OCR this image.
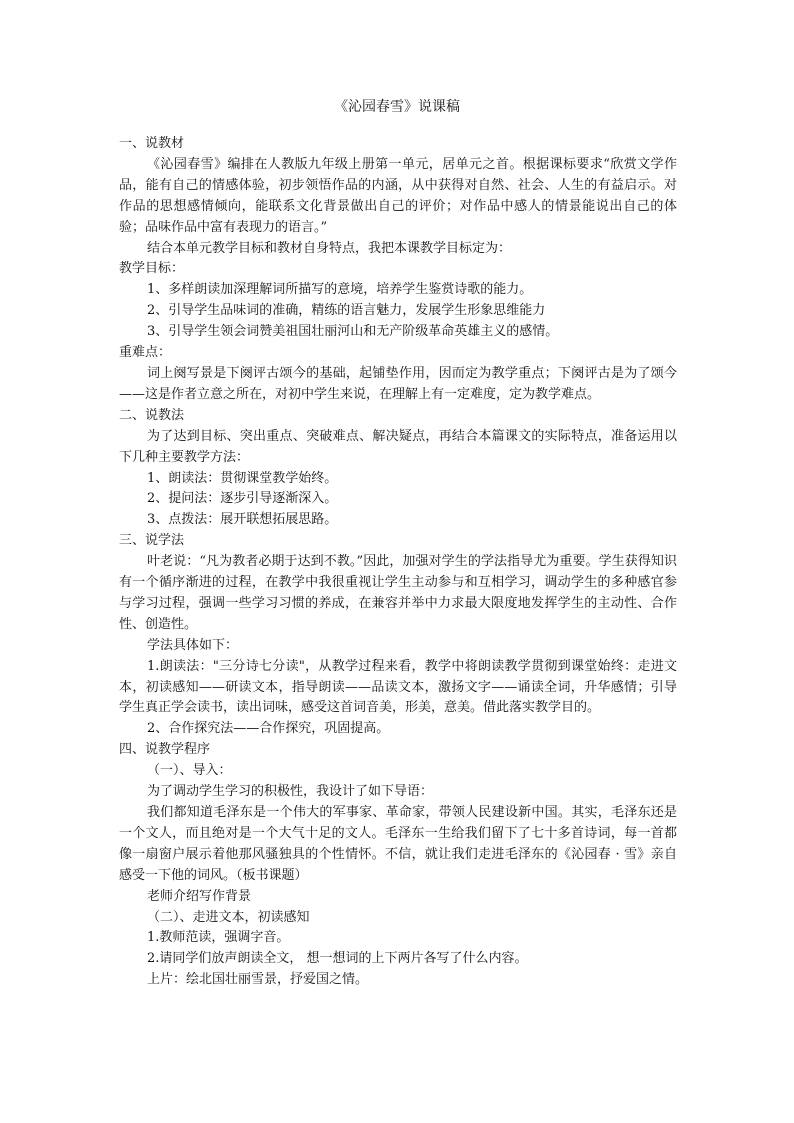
《沁园春雪》说课稿

一、说教材

《沁园春雪》编排在人教版九年级上册第一单元，居单元之首。根据课标要求“欣赏文学作品，能有自己的情感体验，初步领悟作品的内涵，从中获得对自然、社会、人生的有益启示。对作品的思想感情倾向，能联系文化背景做出自己的评价；对作品中感人的情景能说出自己的体验；品味作品中富有表现力的语言。”

结合本单元教学目标和教材自身特点，我把本课教学目标定为：

教学目标：

1、多样朗读加深理解词所描写的意境，培养学生鉴赏诗歌的能力。

2、引导学生品味词的准确，精练的语言魅力，发展学生形象思维能力

3、引导学生领会词赞美祖国壮丽河山和无产阶级革命英雄主义的感情。

重难点：

词上阕写景是下阕评古颂今的基础，起铺垫作用，因而定为教学重点；下阕评古是为了颂今——这是作者立意之所在，对初中学生来说，在理解上有一定难度，定为教学难点。

二、说教法

为了达到目标、突出重点、突破难点、解决疑点，再结合本篇课文的实际特点，准备运用以下几种主要教学方法：

1、朗读法：贯彻课堂教学始终。

2、提问法：逐步引导逐渐深入。

3、点拨法：展开联想拓展思路。

三、说学法

叶老说：“凡为教者必期于达到不教。”因此，加强对学生的学法指导尤为重要。学生获得知识有一个循序渐进的过程，在教学中我很重视让学生主动参与和互相学习，调动学生的多种感官参与学习过程，强调一些学习习惯的养成，在兼容并举中力求最大限度地发挥学生的主动性、合作性、创造性。

学法具体如下：

1.朗读法："三分诗七分读"，从教学过程来看，教学中将朗读教学贯彻到课堂始终：走进文本，初读感知——研读文本，指导朗读——品读文本，激扬文字——诵读全词，升华感情；引导学生真正学会读书，读出词味，感受这首词音美，形美，意美。借此落实教学目的。

2、合作探究法——合作探究，巩固提高。

四、说教学程序

（一）、导入：

为了调动学生学习的积极性，我设计了如下导语：

我们都知道毛泽东是一个伟大的军事家、革命家，带领人民建设新中国。其实，毛泽东还是一个文人，而且绝对是一个大气十足的文人。毛泽东一生给我们留下了七十多首诗词，每一首都像一扇窗户展示着他那风骚独具的个性情怀。不信，就让我们走进毛泽东的《沁园春 · 雪》亲自感受一下他的词风。（板书课题）

老师介绍写作背景

（二）、走进文本，初读感知

1.教师范读，强调字音。

2.请同学们放声朗读全文， 想一想词的上下两片各写了什么内容。

上片：绘北国壮丽雪景，抒爱国之情。
